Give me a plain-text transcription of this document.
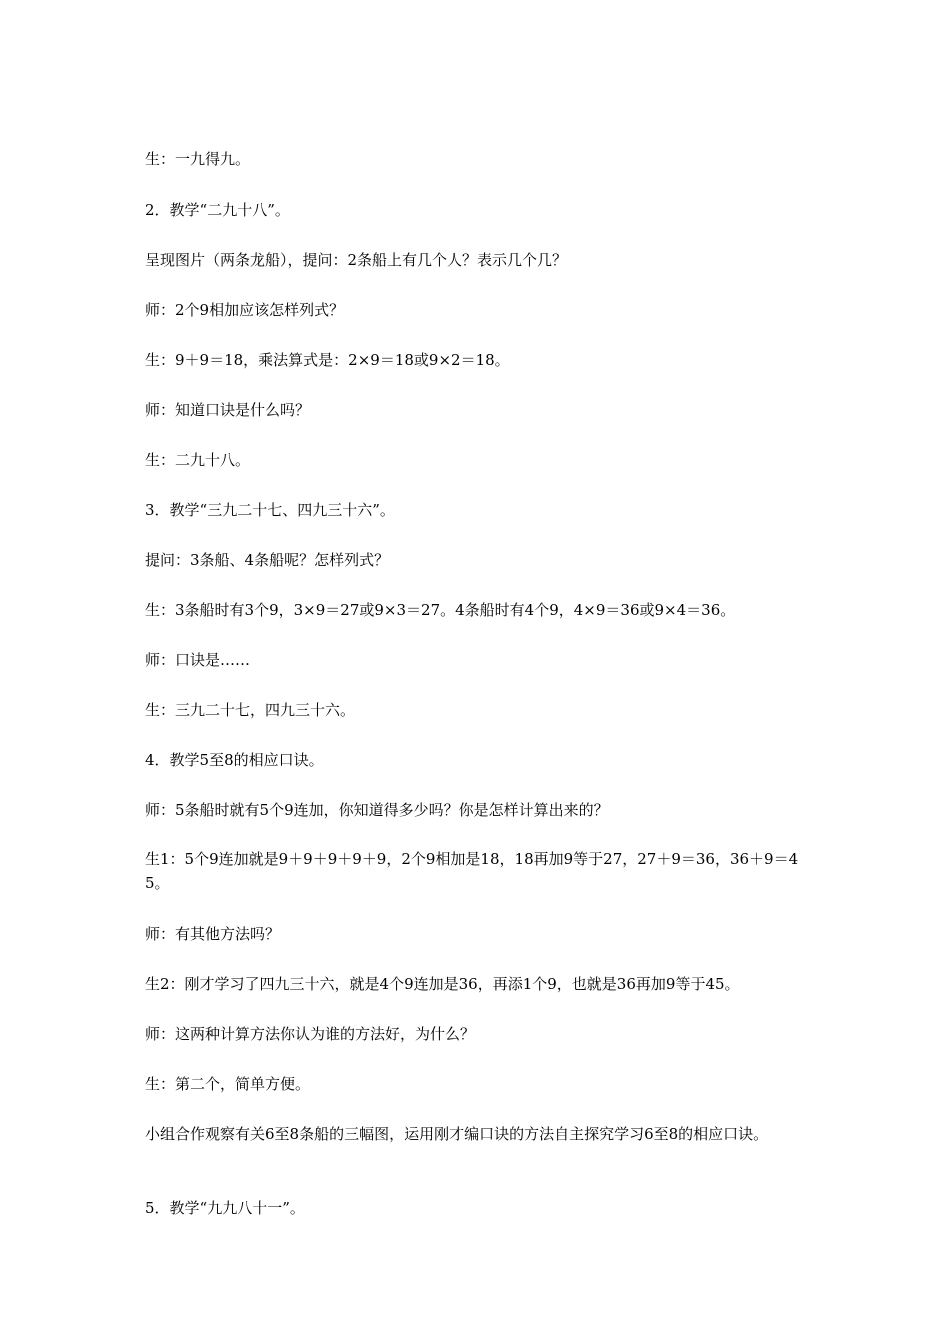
生：一九得九。

2．教学“二九十八”。

呈现图片（两条龙船），提问：2条船上有几个人？表示几个几？

师：2个9相加应该怎样列式？

生：9＋9＝18，乘法算式是：2×9＝18或9×2＝18。

师：知道口诀是什么吗？

生：二九十八。

3．教学“三九二十七、四九三十六”。

提问：3条船、4条船呢？怎样列式？

生：3条船时有3个9，3×9＝27或9×3＝27。4条船时有4个9，4×9＝36或9×4＝36。

师：口诀是……

生：三九二十七，四九三十六。

4．教学5至8的相应口诀。

师：5条船时就有5个9连加，你知道得多少吗？你是怎样计算出来的？

生1：5个9连加就是9＋9＋9＋9＋9，2个9相加是18，18再加9等于27，27＋9＝36，36＋9＝45。

师：有其他方法吗？

生2：刚才学习了四九三十六，就是4个9连加是36，再添1个9，也就是36再加9等于45。

师：这两种计算方法你认为谁的方法好，为什么？

生：第二个，简单方便。

小组合作观察有关6至8条船的三幅图，运用刚才编口诀的方法自主探究学习6至8的相应口诀。

5．教学“九九八十一”。
